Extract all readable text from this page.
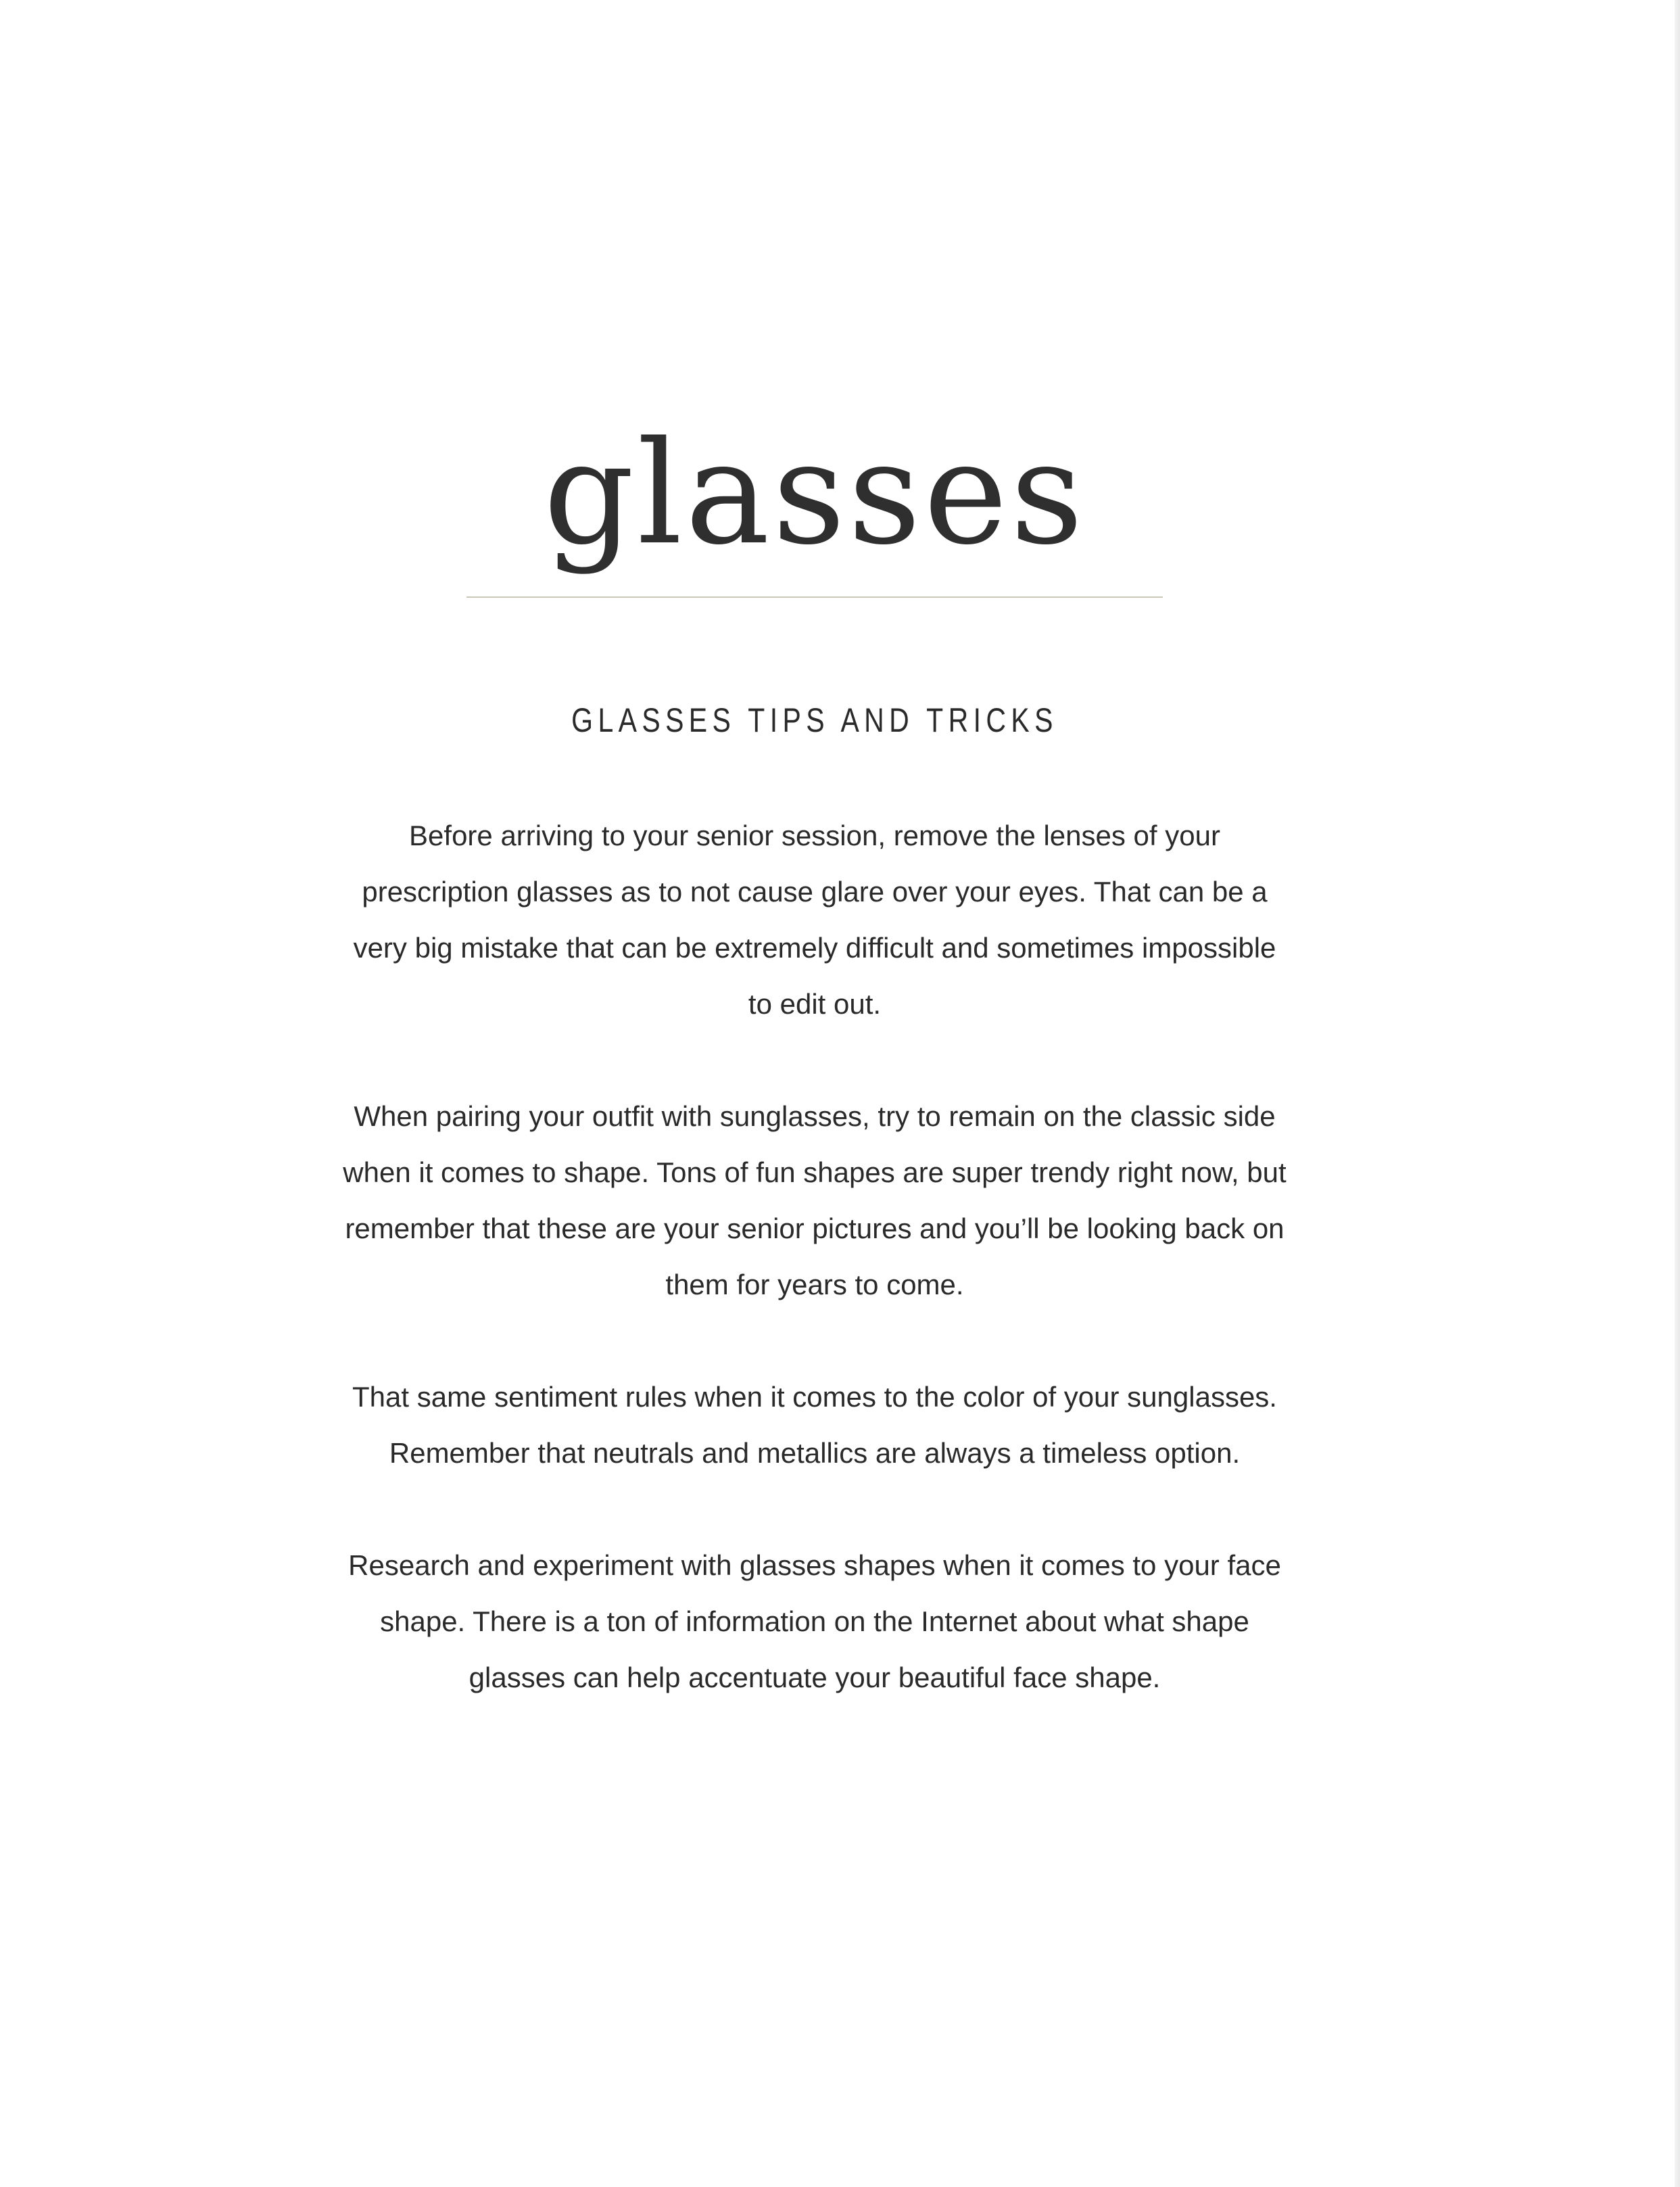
glasses
GLASSES TIPS AND TRICKS

Before arriving to your senior session, remove the lenses of your prescription glasses as to not cause glare over your eyes. That can be a very big mistake that can be extremely difficult and sometimes impossible to edit out.

When pairing your outfit with sunglasses, try to remain on the classic side when it comes to shape. Tons of fun shapes are super trendy right now, but remember that these are your senior pictures and you’ll be looking back on them for years to come.

That same sentiment rules when it comes to the color of your sunglasses. Remember that neutrals and metallics are always a timeless option.

Research and experiment with glasses shapes when it comes to your face shape. There is a ton of information on the Internet about what shape glasses can help accentuate your beautiful face shape.
